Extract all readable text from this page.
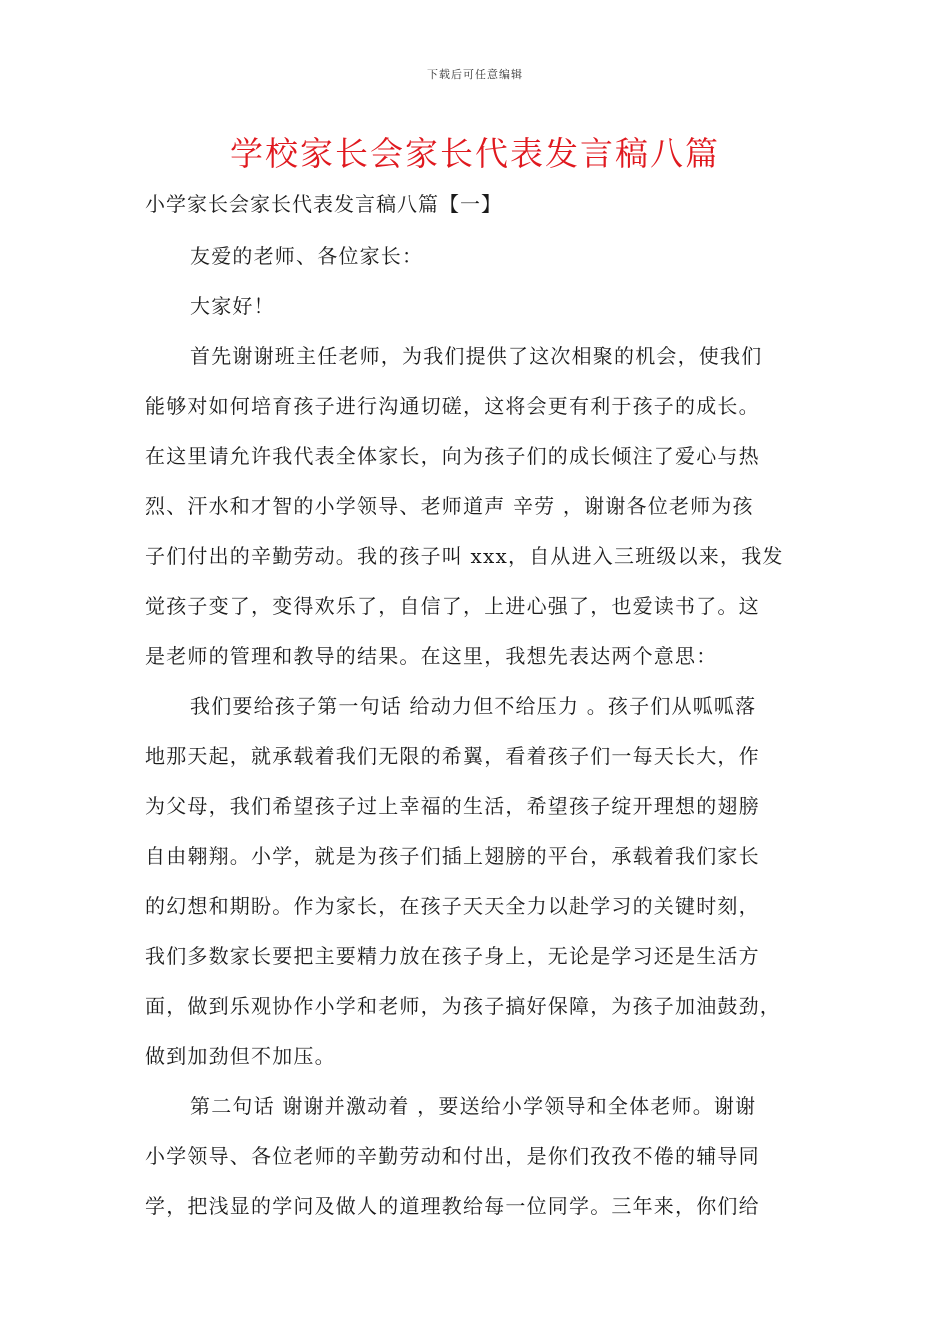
下载后可任意编辑
学校家长会家长代表发言稿八篇
小学家长会家长代表发言稿八篇【一】
友爱的老师、各位家长：
大家好！
首先谢谢班主任老师，为我们提供了这次相聚的机会，使我们
能够对如何培育孩子进行沟通切磋，这将会更有利于孩子的成长。
在这里请允许我代表全体家长，向为孩子们的成长倾注了爱心与热
烈、汗水和才智的小学领导、老师道声 辛劳 ，谢谢各位老师为孩
子们付出的辛勤劳动。我的孩子叫 xxx，自从进入三班级以来，我发
觉孩子变了，变得欢乐了，自信了，上进心强了，也爱读书了。这
是老师的管理和教导的结果。在这里，我想先表达两个意思：
我们要给孩子第一句话 给动力但不给压力 。孩子们从呱呱落
地那天起，就承载着我们无限的希翼，看着孩子们一每天长大，作
为父母，我们希望孩子过上幸福的生活，希望孩子绽开理想的翅膀
自由翱翔。小学，就是为孩子们插上翅膀的平台，承载着我们家长
的幻想和期盼。作为家长，在孩子天天全力以赴学习的关键时刻，
我们多数家长要把主要精力放在孩子身上，无论是学习还是生活方
面，做到乐观协作小学和老师，为孩子搞好保障，为孩子加油鼓劲，
做到加劲但不加压。
第二句话 谢谢并激动着 ，要送给小学领导和全体老师。谢谢
小学领导、各位老师的辛勤劳动和付出，是你们孜孜不倦的辅导同
学，把浅显的学问及做人的道理教给每一位同学。三年来，你们给
